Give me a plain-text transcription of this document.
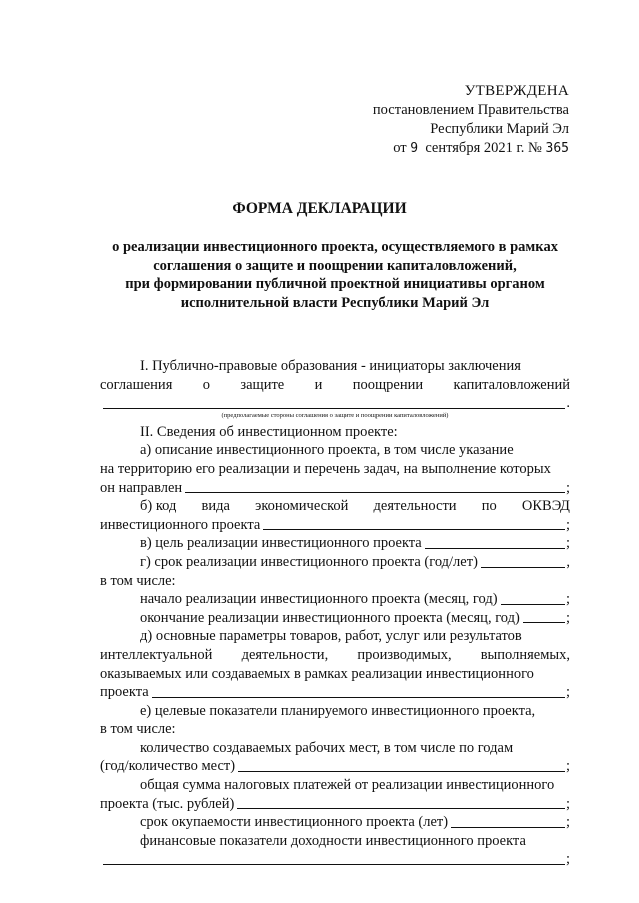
УТВЕРЖДЕНА
постановлением Правительства
Республики Марий Эл
от 9 сентября 2021 г. № 365
ФОРМА ДЕКЛАРАЦИИ
о реализации инвестиционного проекта, осуществляемого в рамках
соглашения о защите и поощрении капиталовложений,
при формировании публичной проектной инициативы органом
исполнительной власти Республики Марий Эл
I. Публично-правовые образования - инициаторы заключения
соглашения о защите и поощрении капиталовложений
.
(предполагаемые стороны соглашения о защите и поощрении капиталовложений)
II. Сведения об инвестиционном проекте:
а) описание инвестиционного проекта, в том числе указание
на территорию его реализации и перечень задач, на выполнение которых
он направлен	;
б) код вида экономической деятельности по ОКВЭД
инвестиционного проекта	;
в) цель реализации инвестиционного проекта	;
г) срок реализации инвестиционного проекта (год/лет)	,
в том числе:
начало реализации инвестиционного проекта (месяц, год)	;
окончание реализации инвестиционного проекта (месяц, год)	;
д) основные параметры товаров, работ, услуг или результатов
интеллектуальной деятельности, производимых, выполняемых,
оказываемых или создаваемых в рамках реализации инвестиционного
проекта	;
е) целевые показатели планируемого инвестиционного проекта,
в том числе:
количество создаваемых рабочих мест, в том числе по годам
(год/количество мест)	;
общая сумма налоговых платежей от реализации инвестиционного
проекта (тыс. рублей)	;
срок окупаемости инвестиционного проекта (лет)	;
финансовые показатели доходности инвестиционного проекта
;
